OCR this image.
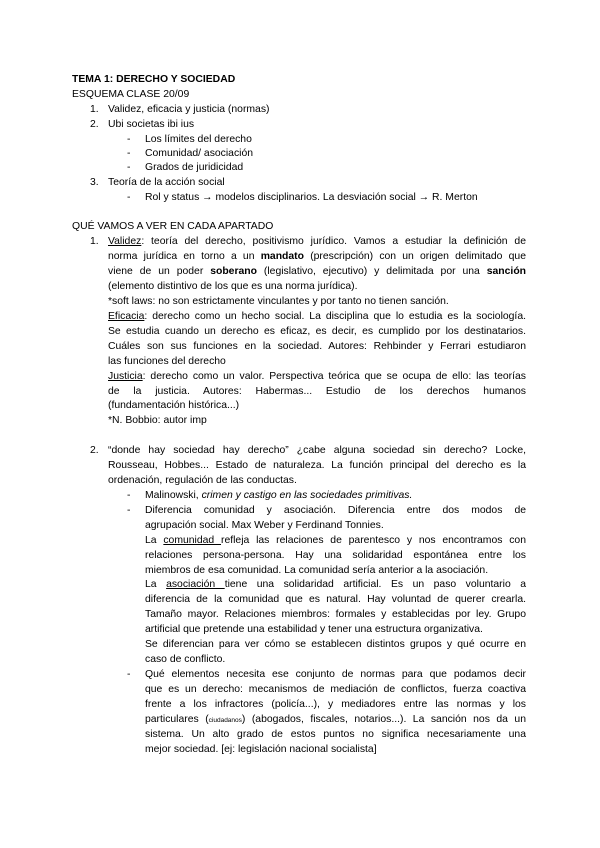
TEMA 1: DERECHO Y SOCIEDAD
ESQUEMA CLASE 20/09
1. Validez, eficacia y justicia (normas)
2. Ubi societas ibi ius
- Los límites del derecho
- Comunidad/ asociación
- Grados de juridicidad
3. Teoría de la acción social
- Rol y status → modelos disciplinarios. La desviación social → R. Merton
QUÉ VAMOS A VER EN CADA APARTADO
1. Validez: teoría del derecho, positivismo jurídico. Vamos a estudiar la definición de
norma jurídica en torno a un mandato (prescripción) con un origen delimitado que
viene de un poder soberano (legislativo, ejecutivo) y delimitada por una sanción
(elemento distintivo de los que es una norma jurídica).
*soft laws: no son estrictamente vinculantes y por tanto no tienen sanción.
Eficacia: derecho como un hecho social. La disciplina que lo estudia es la sociología.
Se estudia cuando un derecho es eficaz, es decir, es cumplido por los destinatarios.
Cuáles son sus funciones en la sociedad. Autores: Rehbinder y Ferrari estudiaron
las funciones del derecho
Justicia: derecho como un valor. Perspectiva teórica que se ocupa de ello: las teorías
de la justicia. Autores: Habermas... Estudio de los derechos humanos
(fundamentación histórica...)
*N. Bobbio: autor imp
2. “donde hay sociedad hay derecho” ¿cabe alguna sociedad sin derecho? Locke,
Rousseau, Hobbes... Estado de naturaleza. La función principal del derecho es la
ordenación, regulación de las conductas.
- Malinowski, crimen y castigo en las sociedades primitivas.
- Diferencia comunidad y asociación. Diferencia entre dos modos de
agrupación social. Max Weber y Ferdinand Tonnies.
La comunidad refleja las relaciones de parentesco y nos encontramos con
relaciones persona-persona. Hay una solidaridad espontánea entre los
miembros de esa comunidad. La comunidad sería anterior a la asociación.
La asociación tiene una solidaridad artificial. Es un paso voluntario a
diferencia de la comunidad que es natural. Hay voluntad de querer crearla.
Tamaño mayor. Relaciones miembros: formales y establecidas por ley. Grupo
artificial que pretende una estabilidad y tener una estructura organizativa.
Se diferencian para ver cómo se establecen distintos grupos y qué ocurre en
caso de conflicto.
- Qué elementos necesita ese conjunto de normas para que podamos decir
que es un derecho: mecanismos de mediación de conflictos, fuerza coactiva
frente a los infractores (policía...), y mediadores entre las normas y los
particulares (ciudadanos) (abogados, fiscales, notarios...). La sanción nos da un
sistema. Un alto grado de estos puntos no significa necesariamente una
mejor sociedad. [ej: legislación nacional socialista]
